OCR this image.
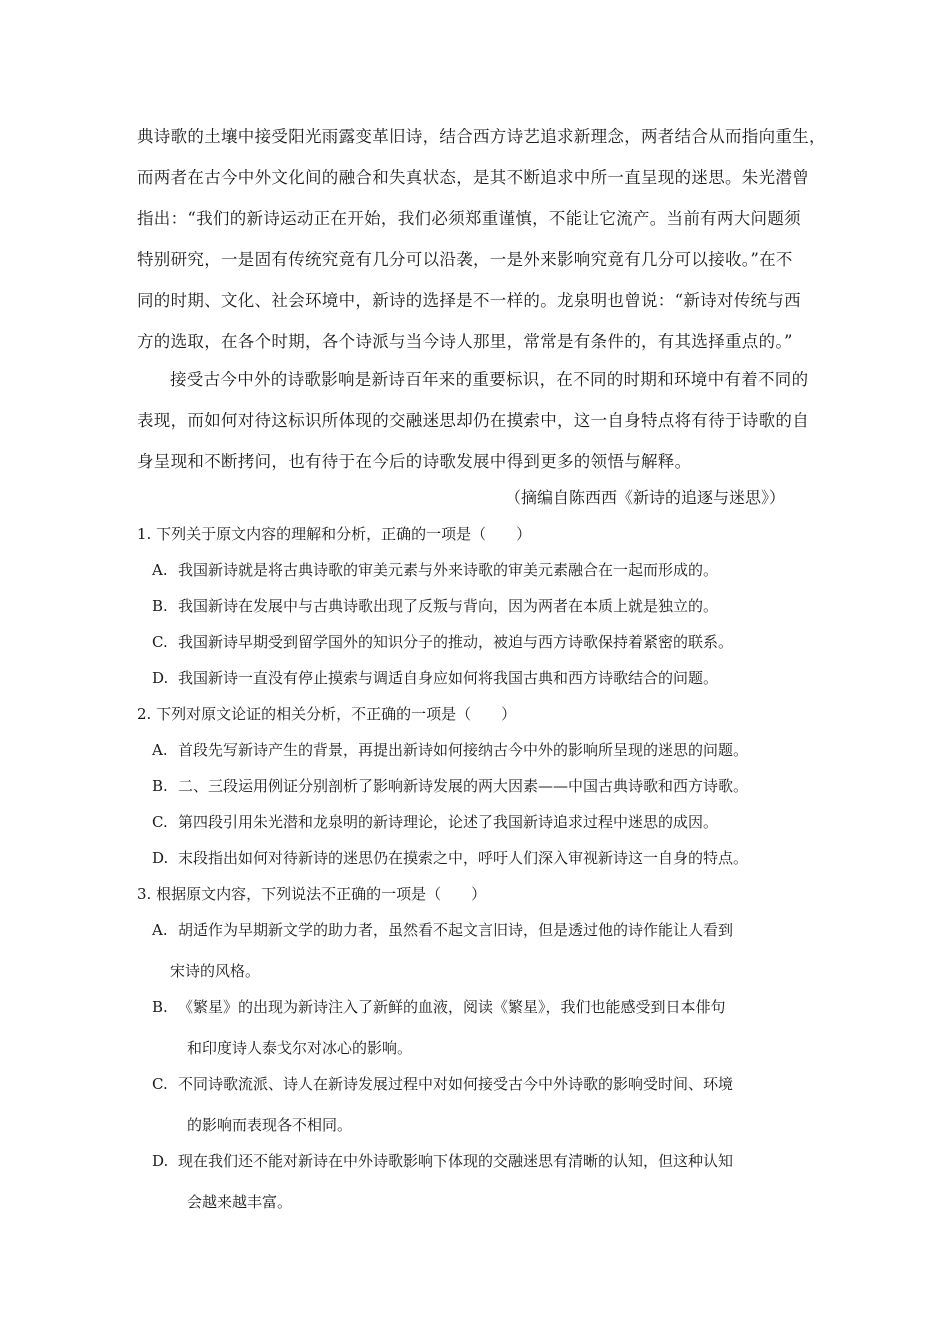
典诗歌的土壤中接受阳光雨露变革旧诗，结合西方诗艺追求新理念，两者结合从而指向重生，
而两者在古今中外文化间的融合和失真状态，是其不断追求中所一直呈现的迷思。朱光潜曾
指出：“我们的新诗运动正在开始，我们必须郑重谨慎，不能让它流产。当前有两大问题须
特别研究，一是固有传统究竟有几分可以沿袭，一是外来影响究竟有几分可以接收。”在不
同的时期、文化、社会环境中，新诗的选择是不一样的。龙泉明也曾说：“新诗对传统与西
方的选取，在各个时期，各个诗派与当今诗人那里，常常是有条件的，有其选择重点的。”
接受古今中外的诗歌影响是新诗百年来的重要标识，在不同的时期和环境中有着不同的
表现，而如何对待这标识所体现的交融迷思却仍在摸索中，这一自身特点将有待于诗歌的自
身呈现和不断拷问，也有待于在今后的诗歌发展中得到更多的领悟与解释。
（摘编自陈西西《新诗的追逐与迷思》）
1. 下列关于原文内容的理解和分析，正确的一项是（　　）
A. 我国新诗就是将古典诗歌的审美元素与外来诗歌的审美元素融合在一起而形成的。
B. 我国新诗在发展中与古典诗歌出现了反叛与背向，因为两者在本质上就是独立的。
C. 我国新诗早期受到留学国外的知识分子的推动，被迫与西方诗歌保持着紧密的联系。
D. 我国新诗一直没有停止摸索与调适自身应如何将我国古典和西方诗歌结合的问题。
2. 下列对原文论证的相关分析，不正确的一项是（　　）
A. 首段先写新诗产生的背景，再提出新诗如何接纳古今中外的影响所呈现的迷思的问题。
B. 二、三段运用例证分别剖析了影响新诗发展的两大因素——中国古典诗歌和西方诗歌。
C. 第四段引用朱光潜和龙泉明的新诗理论，论述了我国新诗追求过程中迷思的成因。
D. 末段指出如何对待新诗的迷思仍在摸索之中，呼吁人们深入审视新诗这一自身的特点。
3. 根据原文内容，下列说法不正确的一项是（　　）
A. 胡适作为早期新文学的助力者，虽然看不起文言旧诗，但是透过他的诗作能让人看到
宋诗的风格。
B. 《繁星》的出现为新诗注入了新鲜的血液，阅读《繁星》，我们也能感受到日本俳句
和印度诗人泰戈尔对冰心的影响。
C. 不同诗歌流派、诗人在新诗发展过程中对如何接受古今中外诗歌的影响受时间、环境
的影响而表现各不相同。
D. 现在我们还不能对新诗在中外诗歌影响下体现的交融迷思有清晰的认知，但这种认知
会越来越丰富。
